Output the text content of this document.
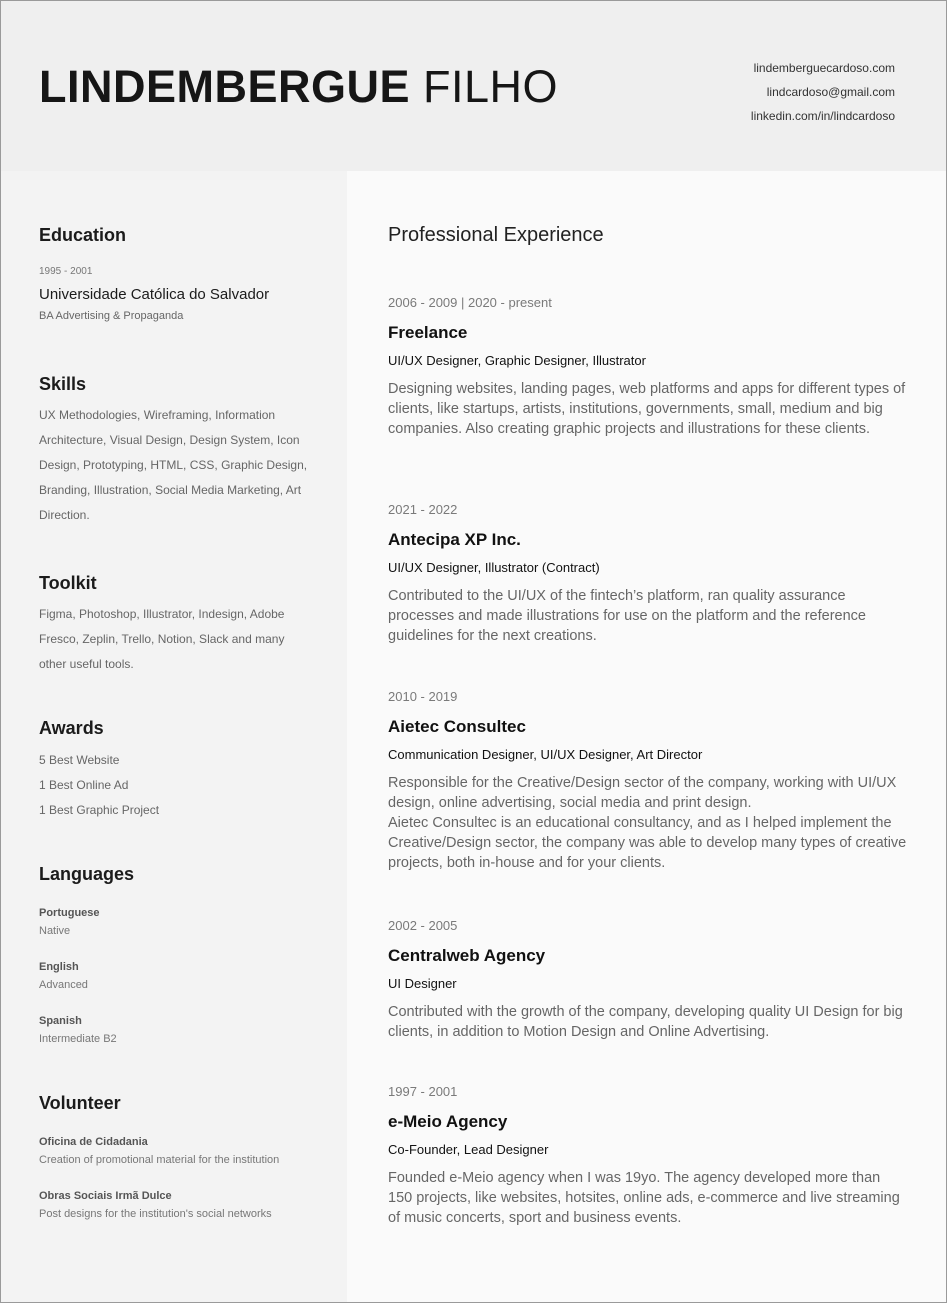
LINDEMBERGUE FILHO	lindemberguecardoso.com
lindcardoso@gmail.com
linkedin.com/in/lindcardoso
Education
1995 - 2001
Universidade Católica do Salvador
BA Advertising & Propaganda
Skills
UX Methodologies, Wireframing, Information Architecture, Visual Design, Design System, Icon Design, Prototyping, HTML, CSS, Graphic Design, Branding, Illustration, Social Media Marketing, Art Direction.
Toolkit
Figma, Photoshop, Illustrator, Indesign, Adobe Fresco, Zeplin, Trello, Notion, Slack and many other useful tools.
Awards
5 Best Website
1 Best Online Ad
1 Best Graphic Project
Languages
Portuguese
Native
English
Advanced
Spanish
Intermediate B2
Volunteer
Oficina de Cidadania
Creation of promotional material for the institution
Obras Sociais Irmã Dulce
Post designs for the institution's social networks
Professional Experience
2006 - 2009 | 2020 - present
Freelance
UI/UX Designer, Graphic Designer, Illustrator
Designing websites, landing pages, web platforms and apps for different types of clients, like startups, artists, institutions, governments, small, medium and big companies. Also creating graphic projects and illustrations for these clients.
2021 - 2022
Antecipa XP Inc.
UI/UX Designer, Illustrator (Contract)
Contributed to the UI/UX of the fintech’s platform, ran quality assurance processes and made illustrations for use on the platform and the reference guidelines for the next creations.
2010 - 2019
Aietec Consultec
Communication Designer, UI/UX Designer, Art Director
Responsible for the Creative/Design sector of the company, working with UI/UX design, online advertising, social media and print design.
Aietec Consultec is an educational consultancy, and as I helped implement the Creative/Design sector, the company was able to develop many types of creative projects, both in-house and for your clients.
2002 - 2005
Centralweb Agency
UI Designer
Contributed with the growth of the company, developing quality UI Design for big clients, in addition to Motion Design and Online Advertising.
1997 - 2001
e-Meio Agency
Co-Founder, Lead Designer
Founded e-Meio agency when I was 19yo. The agency developed more than 150 projects, like websites, hotsites, online ads, e-commerce and live streaming of music concerts, sport and business events.
